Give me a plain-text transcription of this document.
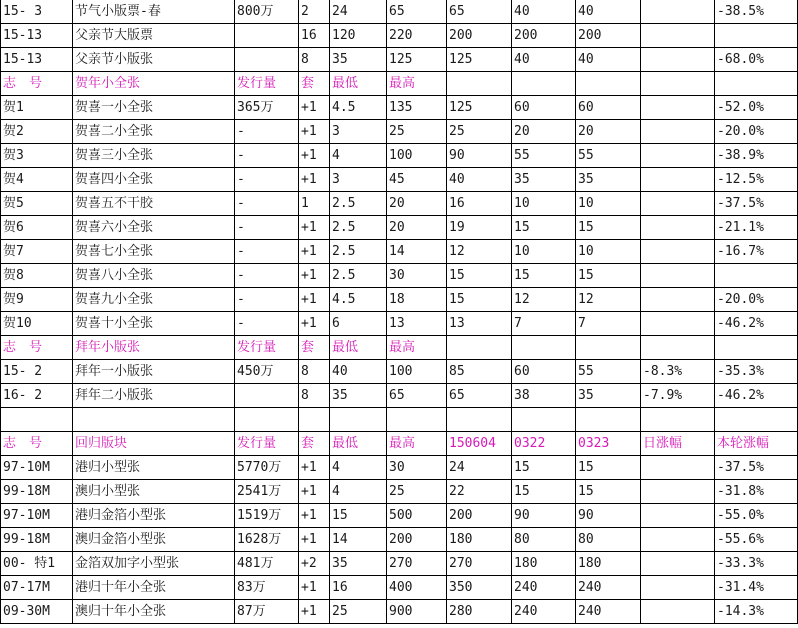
15- 3	节气小版票-春	800万	2	24	65	65	40	40		-38.5%
15-13	父亲节大版票		16	120	220	200	200	200		
15-13	父亲节小版张		8	35	125	125	40	40		-68.0%
志　号	贺年小全张	发行量	套	最低	最高					
贺1	贺喜一小全张	365万	+1	4.5	135	125	60	60		-52.0%
贺2	贺喜二小全张	-	+1	3	25	25	20	20		-20.0%
贺3	贺喜三小全张	-	+1	4	100	90	55	55		-38.9%
贺4	贺喜四小全张	-	+1	3	45	40	35	35		-12.5%
贺5	贺喜五不干胶	-	1	2.5	20	16	10	10		-37.5%
贺6	贺喜六小全张	-	+1	2.5	20	19	15	15		-21.1%
贺7	贺喜七小全张	-	+1	2.5	14	12	10	10		-16.7%
贺8	贺喜八小全张	-	+1	2.5	30	15	15	15		
贺9	贺喜九小全张	-	+1	4.5	18	15	12	12		-20.0%
贺10	贺喜十小全张	-	+1	6	13	13	7	7		-46.2%
志　号	拜年小版张	发行量	套	最低	最高					
15- 2	拜年一小版张	450万	8	40	100	85	60	55	-8.3%	-35.3%
16- 2	拜年二小版张		8	35	65	65	38	35	-7.9%	-46.2%

志　号	回归版块	发行量	套	最低	最高	150604	0322	0323	日涨幅	本轮涨幅
97-10M	港归小型张	5770万	+1	4	30	24	15	15		-37.5%
99-18M	澳归小型张	2541万	+1	4	25	22	15	15		-31.8%
97-10M	港归金箔小型张	1519万	+1	15	500	200	90	90		-55.0%
99-18M	澳归金箔小型张	1628万	+1	14	200	180	80	80		-55.6%
00- 特1	金箔双加字小型张	481万	+2	35	270	270	180	180		-33.3%
07-17M	港归十年小全张	83万	+1	16	400	350	240	240		-31.4%
09-30M	澳归十年小全张	87万	+1	25	900	280	240	240		-14.3%
